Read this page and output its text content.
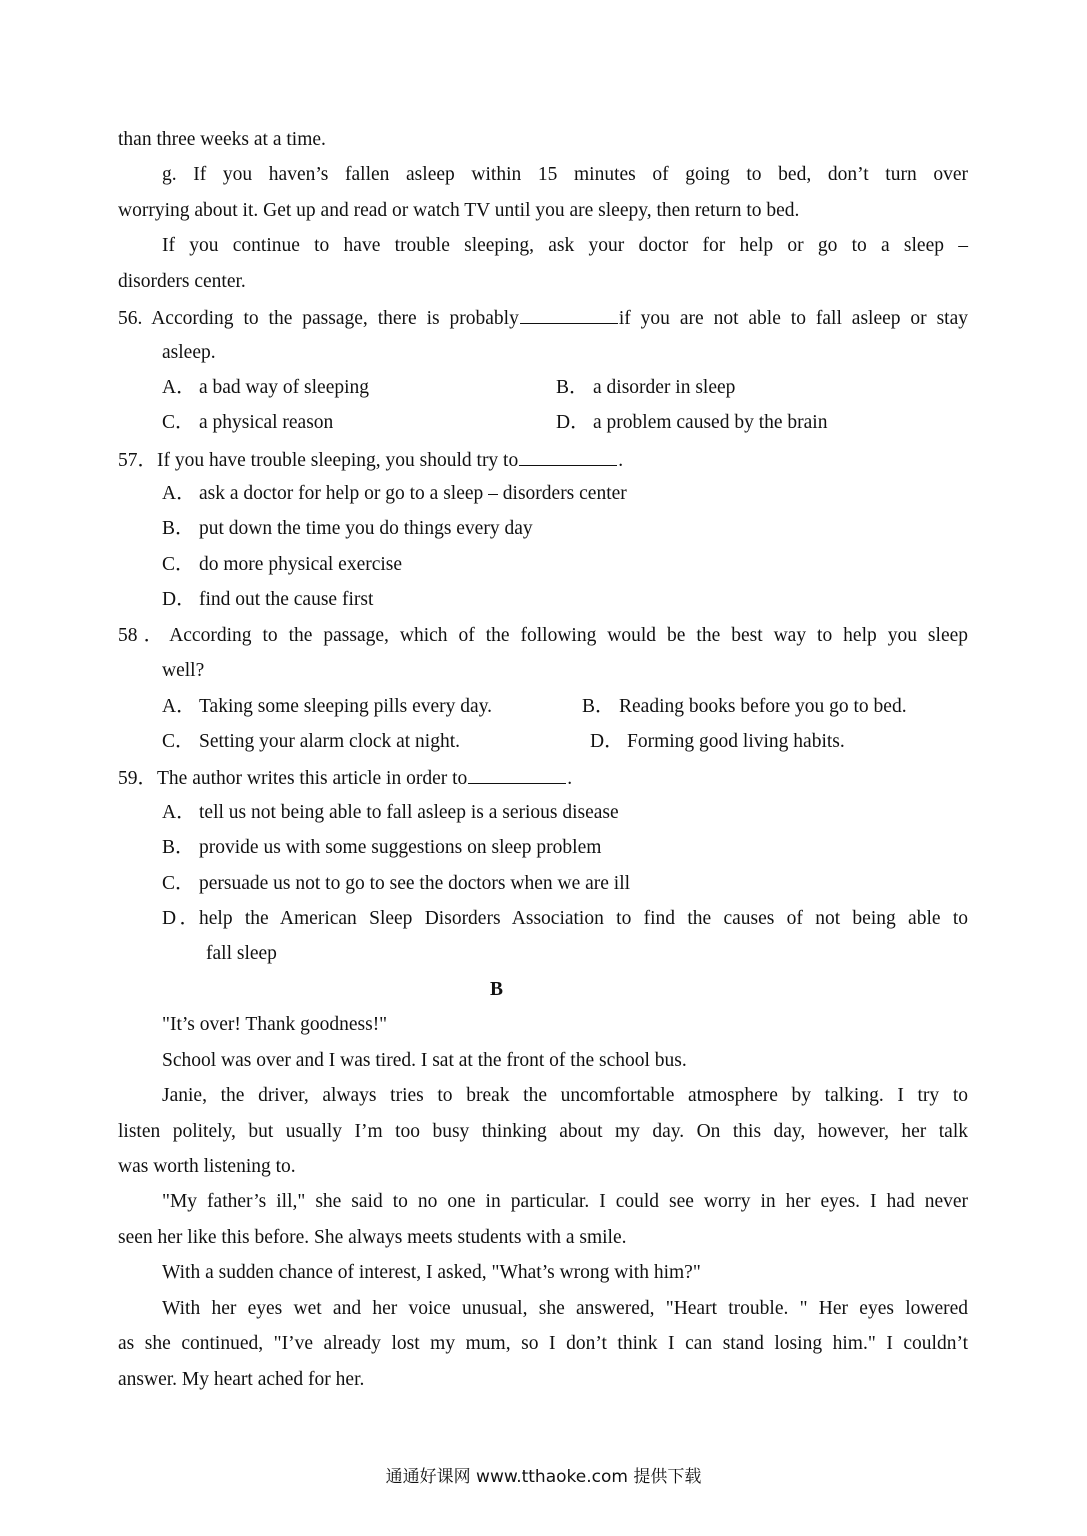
than three weeks at a time.
g. If you haven’s fallen asleep within 15 minutes of going to bed, don’t turn over
worrying about it. Get up and read or watch TV until you are sleepy, then return to bed.
If you continue to have trouble sleeping, ask your doctor for help or go to a sleep –
disorders center.
56. According to the passage, there is probably	if you are not able to fall asleep or stay
asleep.
A． a bad way of sleeping	B． a disorder in sleep
C． a physical reason	D． a problem caused by the brain
57．If you have trouble sleeping, you should try to	.
A． ask a doctor for help or go to a sleep – disorders center
B． put down the time you do things every day
C． do more physical exercise
D． find out the cause first
58．According to the passage, which of the following would be the best way to help you sleep
well?
A． Taking some sleeping pills every day.	B． Reading books before you go to bed.
C． Setting your alarm clock at night.	D． Forming good living habits.
59．The author writes this article in order to	.
A． tell us not being able to fall asleep is a serious disease
B． provide us with some suggestions on sleep problem
C． persuade us not to go to see the doctors when we are ill
D．help the American Sleep Disorders Association to find the causes of not being able to
fall sleep
B
"It’s over! Thank goodness!"
School was over and I was tired. I sat at the front of the school bus.
Janie, the driver, always tries to break the uncomfortable atmosphere by talking. I try to
listen politely, but usually I’m too busy thinking about my day. On this day, however, her talk
was worth listening to.
"My father’s ill," she said to no one in particular. I could see worry in her eyes. I had never
seen her like this before. She always meets students with a smile.
With a sudden chance of interest, I asked, "What’s wrong with him?"
With her eyes wet and her voice unusual, she answered, "Heart trouble. " Her eyes lowered
as she continued, "I’ve already lost my mum, so I don’t think I can stand losing him." I couldn’t
answer. My heart ached for her.
通通好课网 www.tthaoke.com 提供下载
